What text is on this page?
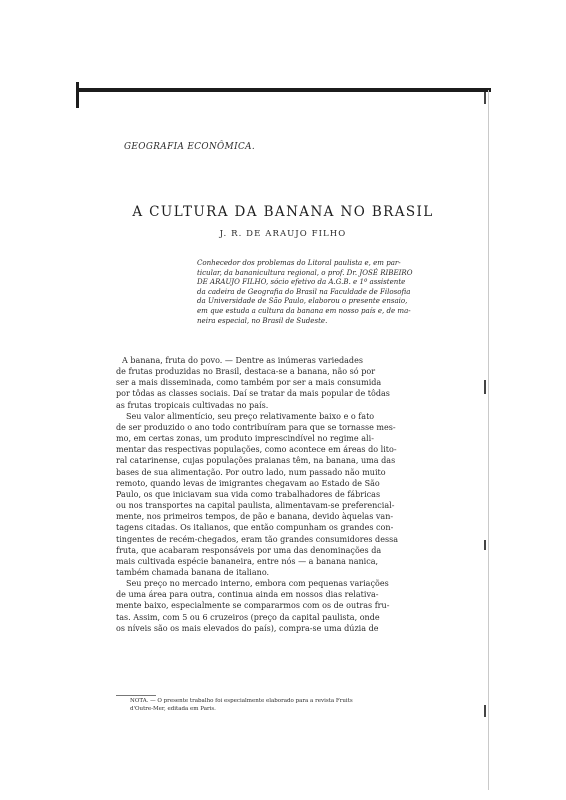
GEOGRAFIA ECONÔMICA.
A CULTURA DA BANANA NO BRASIL
J. R. DE ARAUJO FILHO
Conhecedor dos problemas do Litoral paulista e, em par-
ticular, da bananicultura regional, o prof. Dr. JOSÉ RIBEIRO
DE ARAUJO FILHO, sócio efetivo da A.G.B. e 1º assistente
da cadeira de Geografia do Brasil na Faculdade de Filosofia
da Universidade de São Paulo, elaborou o presente ensaio,
em que estuda a cultura da banana em nosso país e, de ma-
neira especial, no Brasil de Sudeste.
A banana, fruta do povo. — Dentre as inúmeras variedades
de frutas produzidas no Brasil, destaca-se a banana, não só por
ser a mais disseminada, como também por ser a mais consumida
por tôdas as classes sociais. Daí se tratar da mais popular de tôdas
as frutas tropicais cultivadas no país.
Seu valor alimentício, seu preço relativamente baixo e o fato
de ser produzido o ano todo contribuíram para que se tornasse mes-
mo, em certas zonas, um produto imprescindível no regime ali-
mentar das respectivas populações, como acontece em áreas do lito-
ral catarinense, cujas populações praianas têm, na banana, uma das
bases de sua alimentação. Por outro lado, num passado não muito
remoto, quando levas de imigrantes chegavam ao Estado de São
Paulo, os que iniciavam sua vida como trabalhadores de fábricas
ou nos transportes na capital paulista, alimentavam-se preferencial-
mente, nos primeiros tempos, de pão e banana, devido àquelas van-
tagens citadas. Os italianos, que então compunham os grandes con-
tingentes de recém-chegados, eram tão grandes consumidores dessa
fruta, que acabaram responsáveis por uma das denominações da
mais cultivada espécie bananeira, entre nós — a banana nanica,
também chamada banana de italiano.
Seu preço no mercado interno, embora com pequenas variações
de uma área para outra, continua ainda em nossos dias relativa-
mente baixo, especialmente se compararmos com os de outras fru-
tas. Assim, com 5 ou 6 cruzeiros (preço da capital paulista, onde
os níveis são os mais elevados do país), compra-se uma dúzia de
NOTA. — O presente trabalho foi especialmente elaborado para a revista Fruits
d'Outre-Mer, editada em Paris.
